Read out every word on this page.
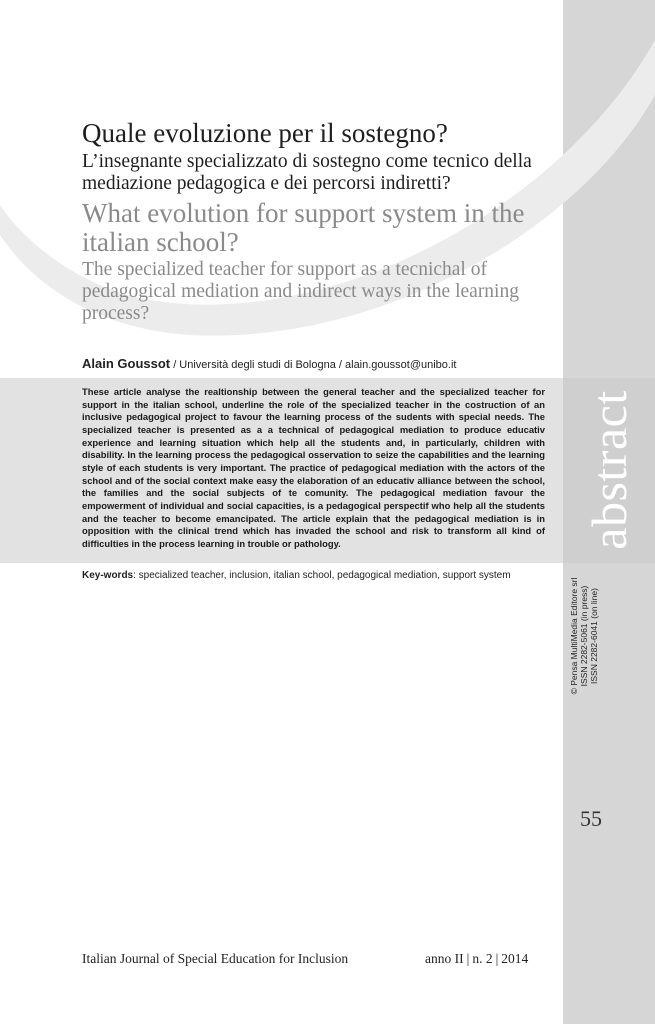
Quale evoluzione per il sostegno?
L’insegnante specializzato di sostegno come tecnico della mediazione pedagogica e dei percorsi indiretti?
What evolution for support system in the italian school?
The specialized teacher for support as a tecnichal of pedagogical mediation and indirect ways in the learning process?
Alain Goussot / Università degli studi di Bologna / alain.goussot@unibo.it

These article analyse the realtionship between the general teacher and the specialized teacher for support in the italian school, underline the role of the specialized teacher in the costruction of an inclusive pedagogical project to favour the learning process of the sudents with special needs. The specialized teacher is presented as a a technical of pedagogical mediation to produce educativ experience and learning situation which help all the students and, in particularly, children with disability. In the learning process the pedagogical osservation to seize the capabilities and the learning style of each students is very important. The practice of pedagogical mediation with the actors of the school and of the social context make easy the elaboration of an educativ alliance between the school, the families and the social subjects of te comunity. The pedagogical mediation favour the empowerment of individual and social capacities, is a pedagogical perspectif who help all the students and the teacher to become emancipated. The article explain that the pedagogical mediation is in opposition with the clinical trend which has invaded the school and risk to transform all kind of difficulties in the process learning in trouble or pathology.	abstract
Key-words: specialized teacher, inclusion, italian school, pedagogical mediation, support system
© Pensa MultiMedia Editore srl ISSN 2282-5061 (in press) ISSN 2282-6041 (on line)
55
Italian Journal of Special Education for Inclusion	anno II | n. 2 | 2014
